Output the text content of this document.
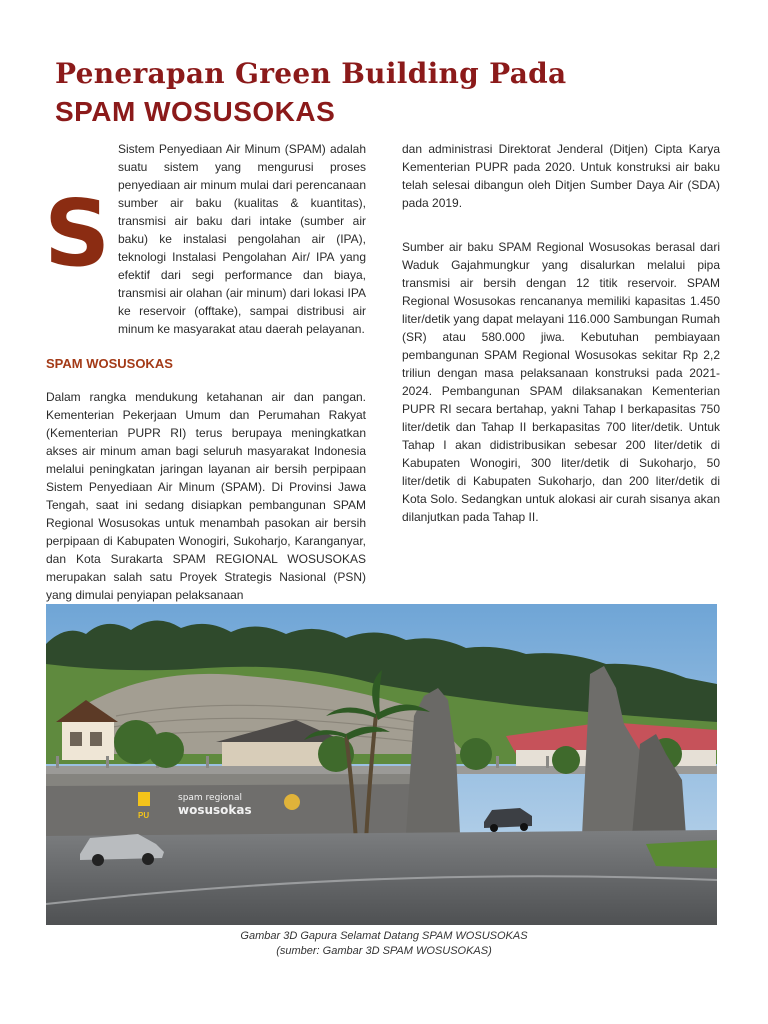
Penerapan Green Building Pada
SPAM WOSUSOKAS
S

Sistem Penyediaan Air Minum (SPAM) adalah suatu sistem yang mengurusi proses penyediaan air minum mulai dari perencanaan sumber air baku (kualitas & kuantitas), transmisi air baku dari intake (sumber air baku) ke instalasi pengolahan air (IPA), teknologi Instalasi Pengolahan Air/ IPA yang efektif dari segi performance dan biaya, transmisi air olahan (air minum) dari lokasi IPA ke reservoir (offtake), sampai distribusi air minum ke masyarakat atau daerah pelayanan.

SPAM WOSUSOKAS

Dalam rangka mendukung ketahanan air dan pangan. Kementerian Pekerjaan Umum dan Perumahan Rakyat (Kementerian PUPR RI) terus berupaya meningkatkan akses air minum aman bagi seluruh masyarakat Indonesia melalui peningkatan jaringan layanan air bersih perpipaan Sistem Penyediaan Air Minum (SPAM). Di Provinsi Jawa Tengah, saat ini sedang disiapkan pembangunan SPAM Regional Wosusokas untuk menambah pasokan air bersih perpipaan di Kabupaten Wonogiri, Sukoharjo, Karanganyar, dan Kota Surakarta SPAM REGIONAL WOSUSOKAS merupakan salah satu Proyek Strategis Nasional (PSN) yang dimulai penyiapan pelaksanaan

dan administrasi Direktorat Jenderal (Ditjen) Cipta Karya Kementerian PUPR pada 2020. Untuk konstruksi air baku telah selesai dibangun oleh Ditjen Sumber Daya Air (SDA) pada 2019.

Sumber air baku SPAM Regional Wosusokas berasal dari Waduk Gajahmungkur yang disalurkan melalui pipa transmisi air bersih dengan 12 titik reservoir. SPAM Regional Wosusokas rencananya memiliki kapasitas 1.450 liter/detik yang dapat melayani 116.000 Sambungan Rumah (SR) atau 580.000 jiwa. Kebutuhan pembiayaan pembangunan SPAM Regional Wosusokas sekitar Rp 2,2 triliun dengan masa pelaksanaan konstruksi pada 2021-2024. Pembangunan SPAM dilaksanakan Kementerian PUPR RI secara bertahap, yakni Tahap I berkapasitas 750 liter/detik dan Tahap II berkapasitas 700 liter/detik. Untuk Tahap I akan didistribusikan sebesar 200 liter/detik di Kabupaten Wonogiri, 300 liter/detik di Sukoharjo, 50 liter/detik di Kabupaten Sukoharjo, dan 200 liter/detik di Kota Solo. Sedangkan untuk alokasi air curah sisanya akan dilanjutkan pada Tahap II.

PU
spam regional
wosusokas

Gambar 3D Gapura Selamat Datang SPAM WOSUSOKAS
(sumber: Gambar 3D SPAM WOSUSOKAS)
